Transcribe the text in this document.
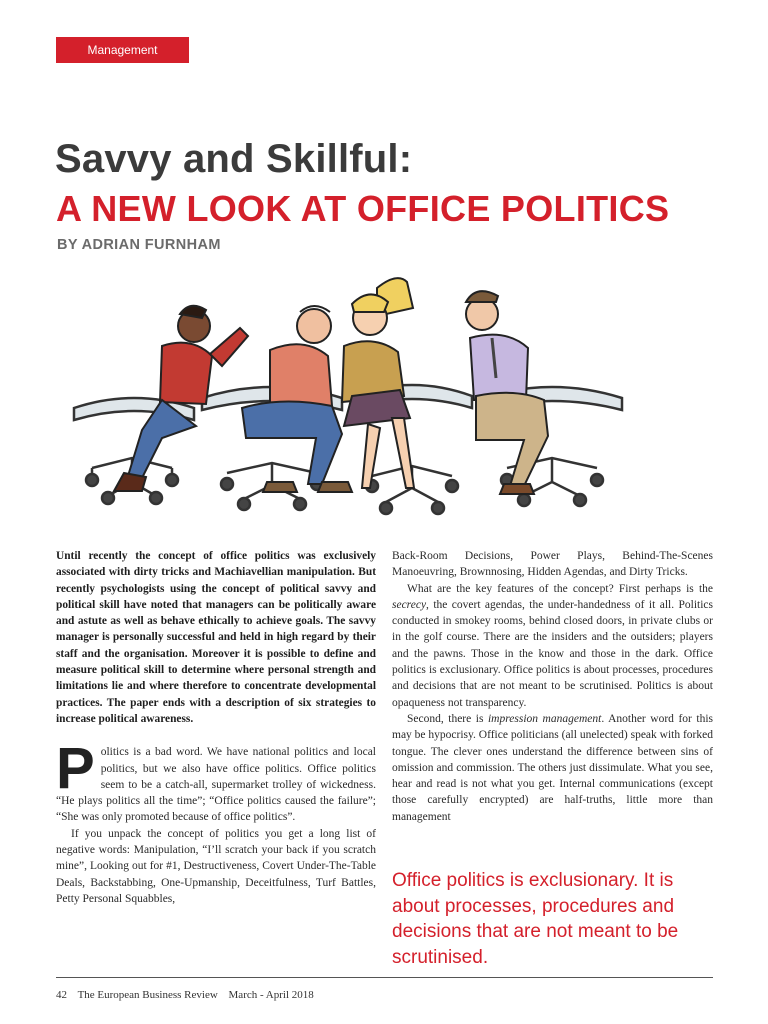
Management
Savvy and Skillful:
A NEW LOOK AT OFFICE POLITICS
BY ADRIAN FURNHAM

Until recently the concept of office politics was exclusively associated with dirty tricks and Machiavellian manipulation. But recently psychologists using the concept of political savvy and political skill have noted that managers can be politically aware and astute as well as behave ethically to achieve goals. The savvy manager is personally successful and held in high regard by their staff and the organisation. Moreover it is possible to define and measure political skill to determine where personal strength and limitations lie and where therefore to concentrate developmental practices. The paper ends with a description of six strategies to increase political awareness.

Politics is a bad word. We have national politics and local politics, but we also have office politics. Office politics seem to be a catch-all, supermarket trolley of wickedness. “He plays politics all the time”; “Office politics caused the failure”; “She was only promoted because of office politics”.

If you unpack the concept of politics you get a long list of negative words: Manipulation, “I’ll scratch your back if you scratch mine”, Looking out for #1, Destructiveness, Covert Under-The-Table Deals, Backstabbing, One-Upmanship, Deceitfulness, Turf Battles, Petty Personal Squabbles,

Back-Room Decisions, Power Plays, Behind-The-Scenes Manoeuvring, Brownnosing, Hidden Agendas, and Dirty Tricks.

What are the key features of the concept? First perhaps is the secrecy, the covert agendas, the under-handedness of it all. Politics conducted in smokey rooms, behind closed doors, in private clubs or in the golf course. There are the insiders and the outsiders; players and the pawns. Those in the know and those in the dark. Office politics is exclusionary. Office politics is about processes, procedures and decisions that are not meant to be scrutinised. Politics is about opaqueness not transparency.

Second, there is impression management. Another word for this may be hypocrisy. Office politicians (all unelected) speak with forked tongue. The clever ones understand the difference between sins of omission and commission. The others just dissimulate. What you see, hear and read is not what you get. Internal communications (except those carefully encrypted) are half-truths, little more than management

Office politics is exclusionary. It is about processes, procedures and decisions that are not meant to be scrutinised.

42 The European Business Review March - April 2018
